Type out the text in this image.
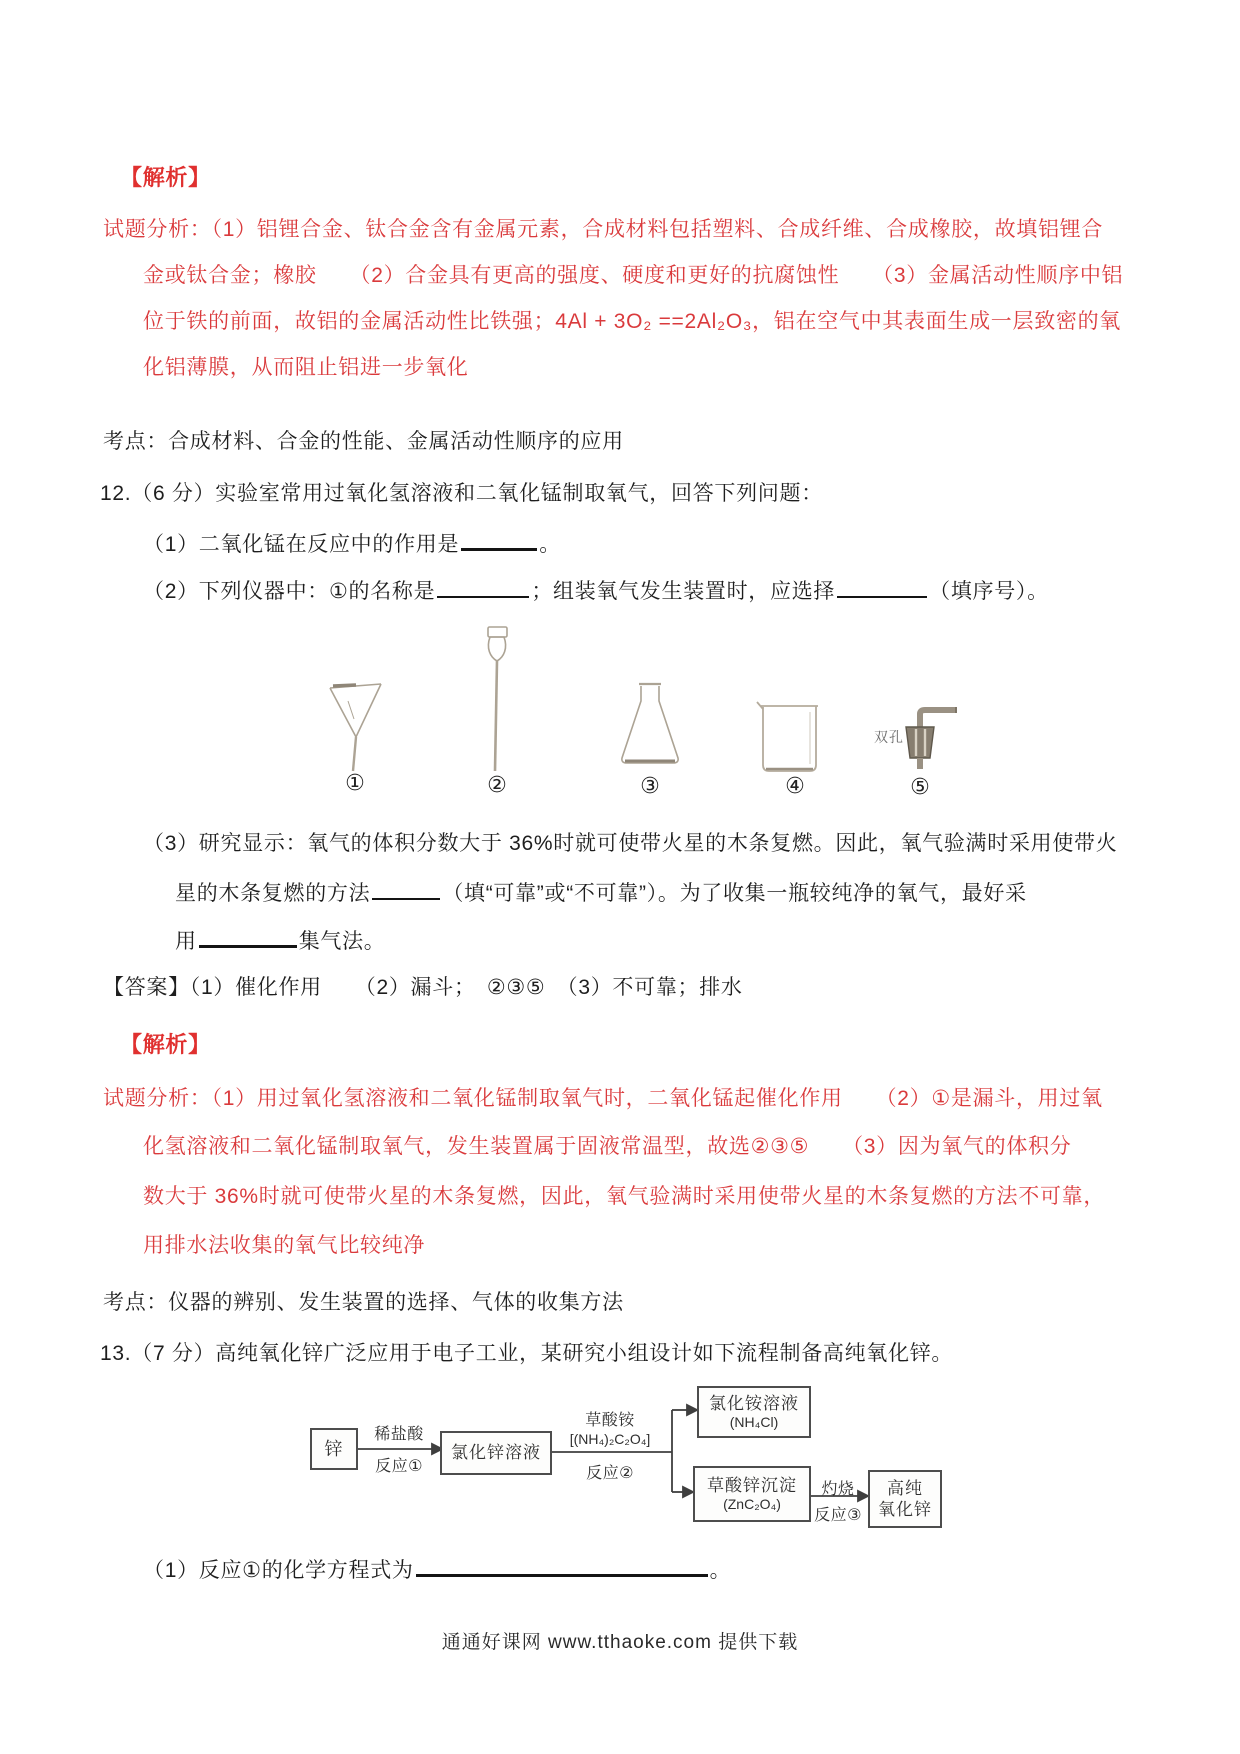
【解析】
试题分析：（1）铝锂合金、钛合金含有金属元素，合成材料包括塑料、合成纤维、合成橡胶，故填铝锂合
金或钛合金；橡胶　　（2）合金具有更高的强度、硬度和更好的抗腐蚀性　　（3）金属活动性顺序中铝
位于铁的前面，故铝的金属活动性比铁强；4Al + 3O₂ ==2Al₂O₃，铝在空气中其表面生成一层致密的氧
化铝薄膜，从而阻止铝进一步氧化
考点：合成材料、合金的性能、金属活动性顺序的应用
12.（6 分）实验室常用过氧化氢溶液和二氧化锰制取氧气，回答下列问题：
（1）二氧化锰在反应中的作用是	。
（2）下列仪器中：①的名称是	；组装氧气发生装置时，应选择	（填序号）。
双孔
①	②	③	④	⑤
（3）研究显示：氧气的体积分数大于 36%时就可使带火星的木条复燃。因此，氧气验满时采用使带火
星的木条复燃的方法	（填“可靠”或“不可靠”）。为了收集一瓶较纯净的氧气，最好采
用	集气法。
【答案】（1）催化作用　　（2）漏斗；　②③⑤　（3）不可靠；排水
【解析】
试题分析：（1）用过氧化氢溶液和二氧化锰制取氧气时，二氧化锰起催化作用　　（2）①是漏斗，用过氧
化氢溶液和二氧化锰制取氧气，发生装置属于固液常温型，故选②③⑤　　（3）因为氧气的体积分
数大于 36%时就可使带火星的木条复燃，因此，氧气验满时采用使带火星的木条复燃的方法不可靠，
用排水法收集的氧气比较纯净
考点：仪器的辨别、发生装置的选择、气体的收集方法
13.（7 分）高纯氧化锌广泛应用于电子工业，某研究小组设计如下流程制备高纯氧化锌。
锌
稀盐酸
反应①
氯化锌溶液
草酸铵
[(NH₄)₂C₂O₄]
反应②
氯化铵溶液
(NH₄Cl)
草酸锌沉淀
(ZnC₂O₄)
灼烧
反应③
高纯
氧化锌
（1）反应①的化学方程式为	。
通通好课网 www.tthaoke.com 提供下载
